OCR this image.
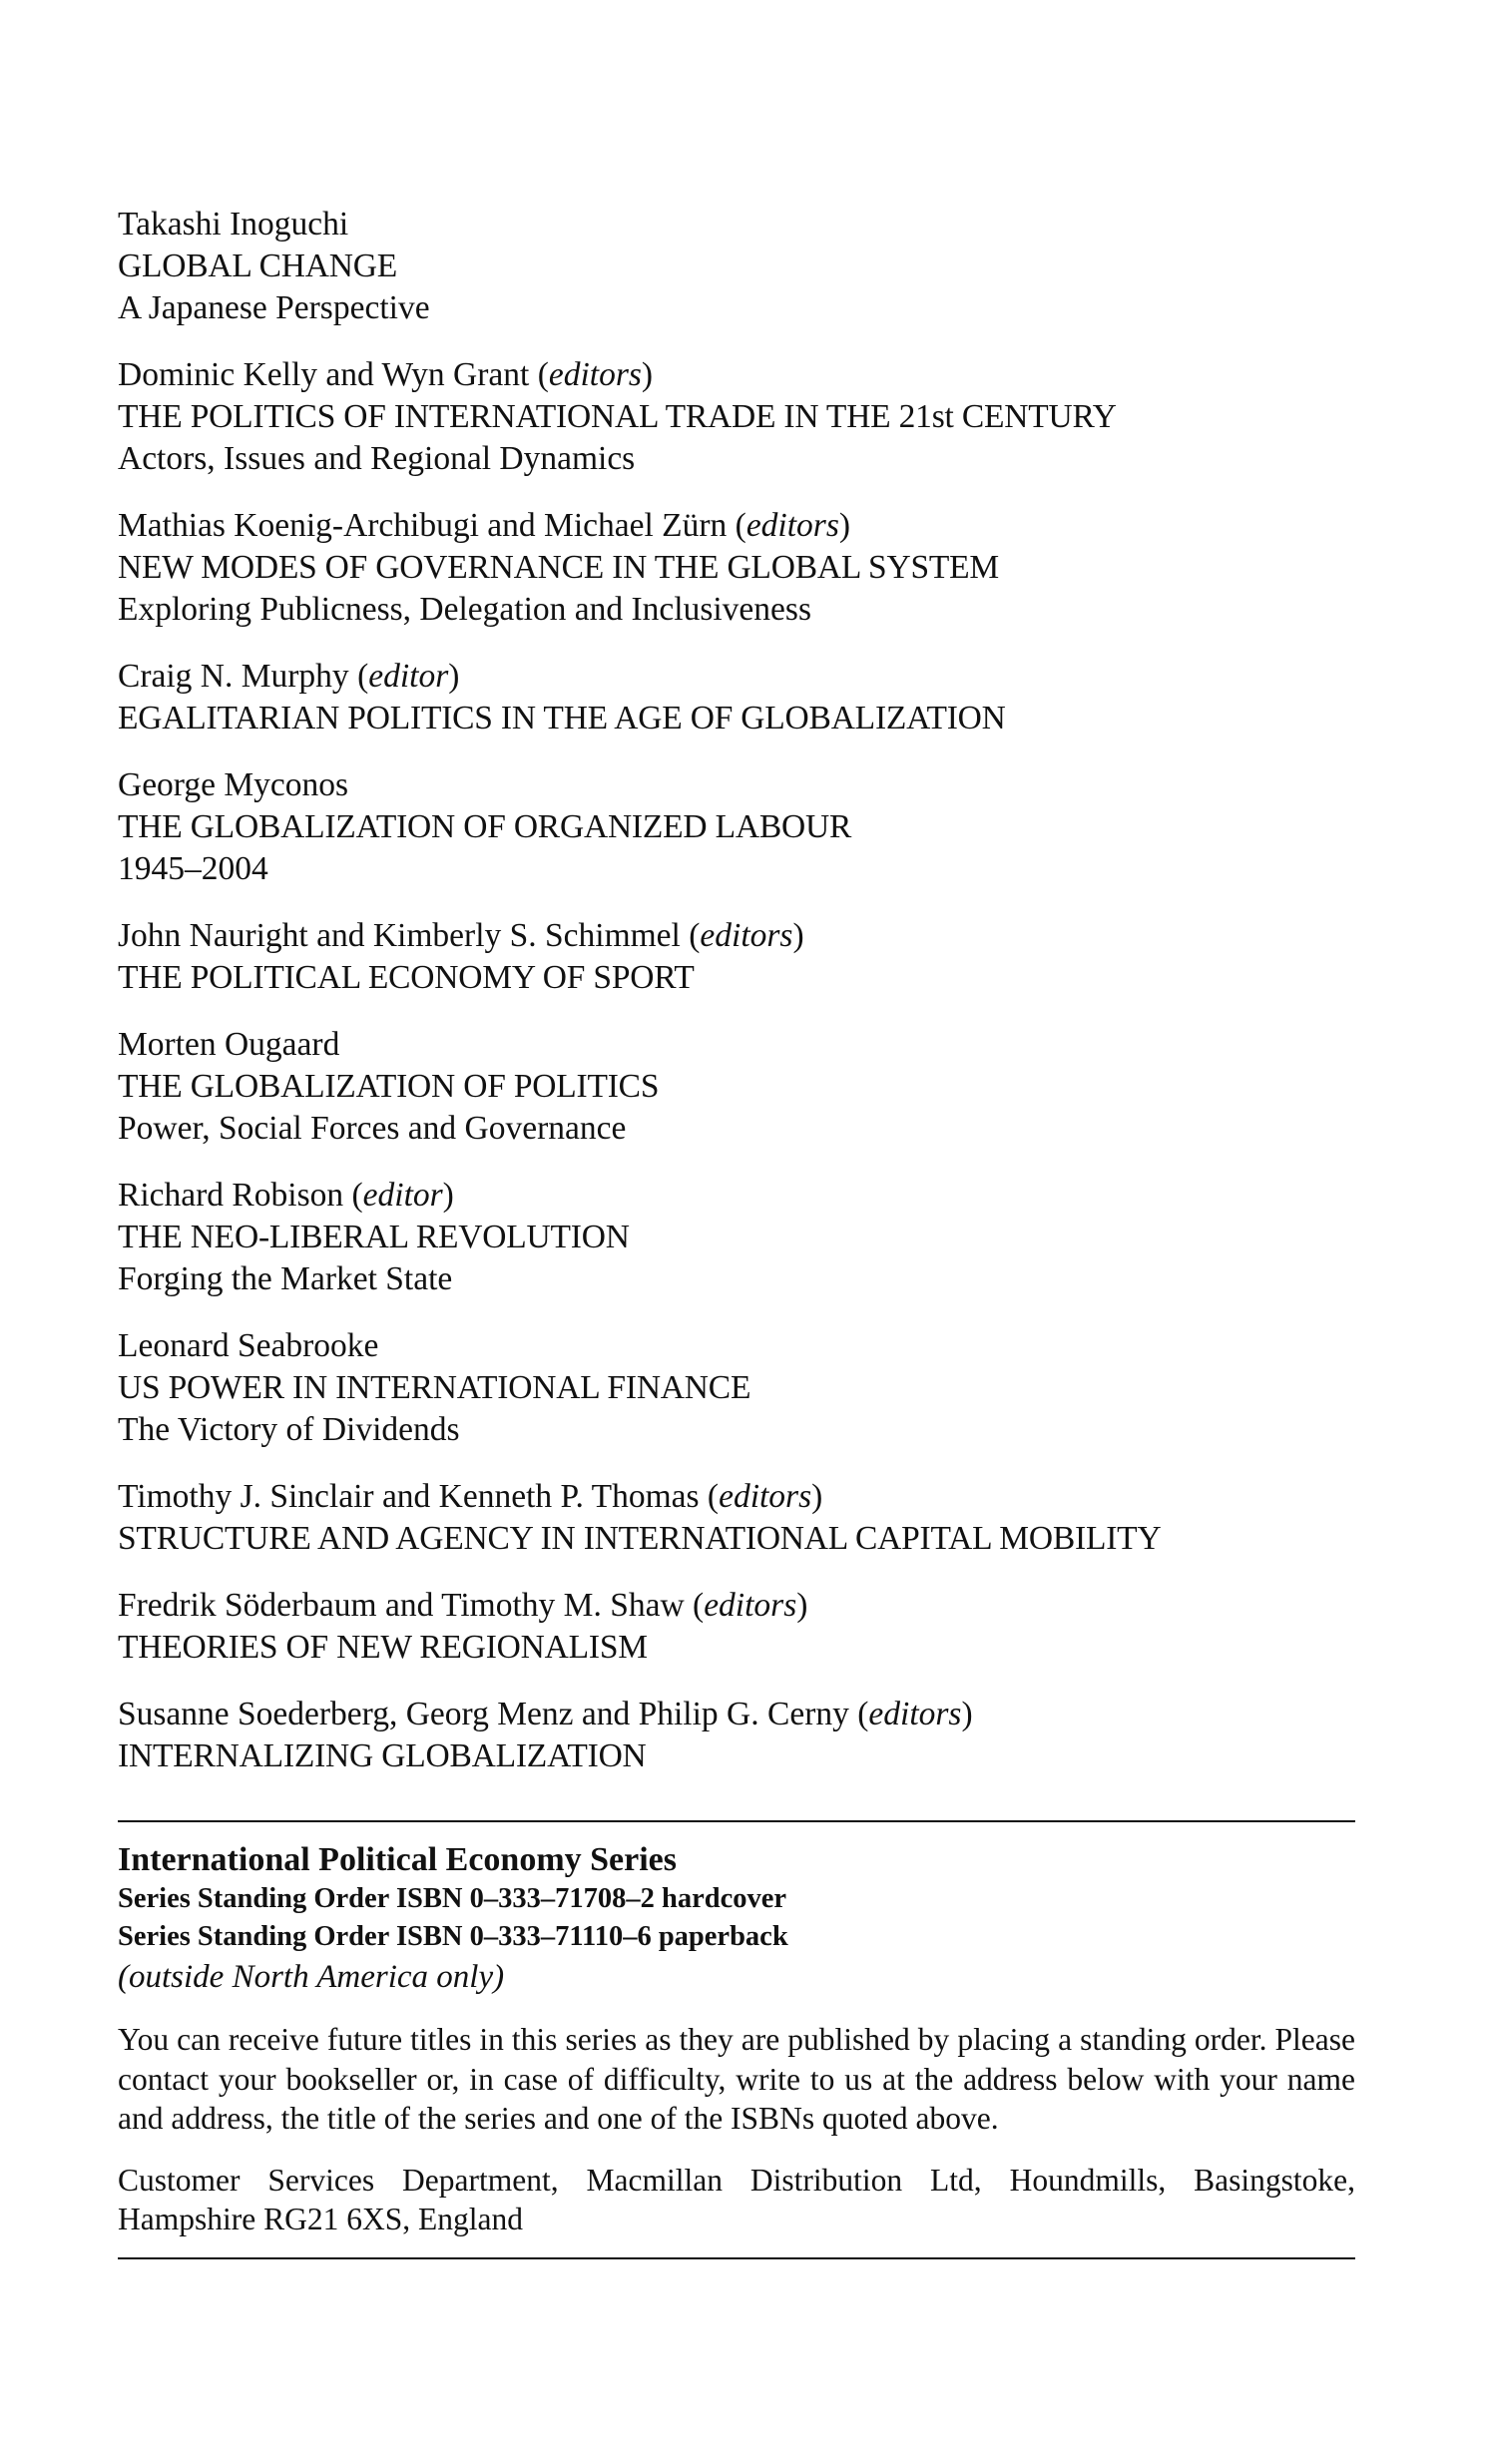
Takashi Inoguchi
GLOBAL CHANGE
A Japanese Perspective
Dominic Kelly and Wyn Grant (editors)
THE POLITICS OF INTERNATIONAL TRADE IN THE 21st CENTURY
Actors, Issues and Regional Dynamics
Mathias Koenig-Archibugi and Michael Zürn (editors)
NEW MODES OF GOVERNANCE IN THE GLOBAL SYSTEM
Exploring Publicness, Delegation and Inclusiveness
Craig N. Murphy (editor)
EGALITARIAN POLITICS IN THE AGE OF GLOBALIZATION
George Myconos
THE GLOBALIZATION OF ORGANIZED LABOUR
1945–2004
John Nauright and Kimberly S. Schimmel (editors)
THE POLITICAL ECONOMY OF SPORT
Morten Ougaard
THE GLOBALIZATION OF POLITICS
Power, Social Forces and Governance
Richard Robison (editor)
THE NEO-LIBERAL REVOLUTION
Forging the Market State
Leonard Seabrooke
US POWER IN INTERNATIONAL FINANCE
The Victory of Dividends
Timothy J. Sinclair and Kenneth P. Thomas (editors)
STRUCTURE AND AGENCY IN INTERNATIONAL CAPITAL MOBILITY
Fredrik Söderbaum and Timothy M. Shaw (editors)
THEORIES OF NEW REGIONALISM
Susanne Soederberg, Georg Menz and Philip G. Cerny (editors)
INTERNALIZING GLOBALIZATION
International Political Economy Series
Series Standing Order ISBN 0–333–71708–2 hardcover
Series Standing Order ISBN 0–333–71110–6 paperback
(outside North America only)
You can receive future titles in this series as they are published by placing a standing order. Please contact your bookseller or, in case of difficulty, write to us at the address below with your name and address, the title of the series and one of the ISBNs quoted above.
Customer Services Department, Macmillan Distribution Ltd, Houndmills, Basingstoke, Hampshire RG21 6XS, England
